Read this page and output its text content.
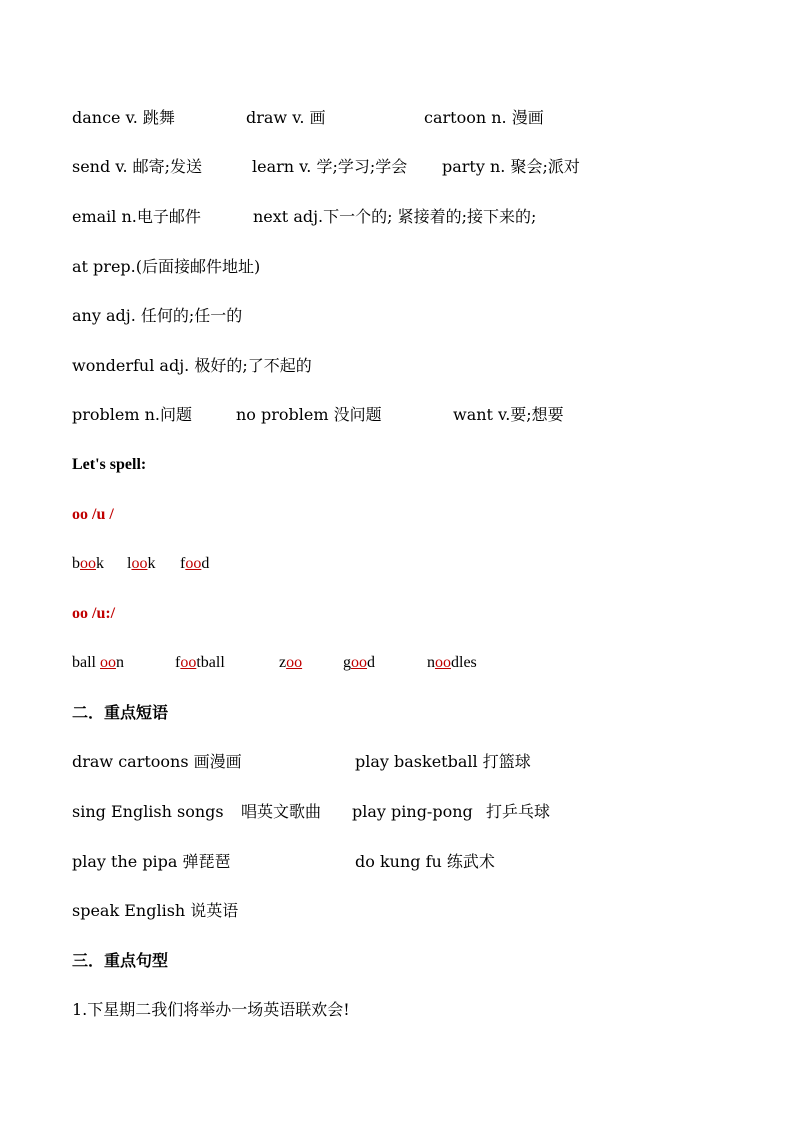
dance v. 跳舞	draw v. 画	cartoon n. 漫画
send v. 邮寄;发送	learn v. 学;学习;学会 party n. 聚会;派对
email n.电子邮件	next adj.下一个的; 紧接着的;接下来的;
at prep.(后面接邮件地址)
any adj. 任何的;任一的
wonderful adj. 极好的;了不起的
problem n.问题	no problem 没问题	want v.要;想要
Let's spell:
oo /u /
book look food
oo /u:/
ball oon	football	zoo	good	noodles
二．重点短语
draw cartoons 画漫画	play basketball 打篮球
sing English songs 唱英文歌曲 play ping-pong 打乒乓球
play the pipa 弹琵琶	do kung fu 练武术
speak English 说英语
三．重点句型
1.下星期二我们将举办一场英语联欢会!
